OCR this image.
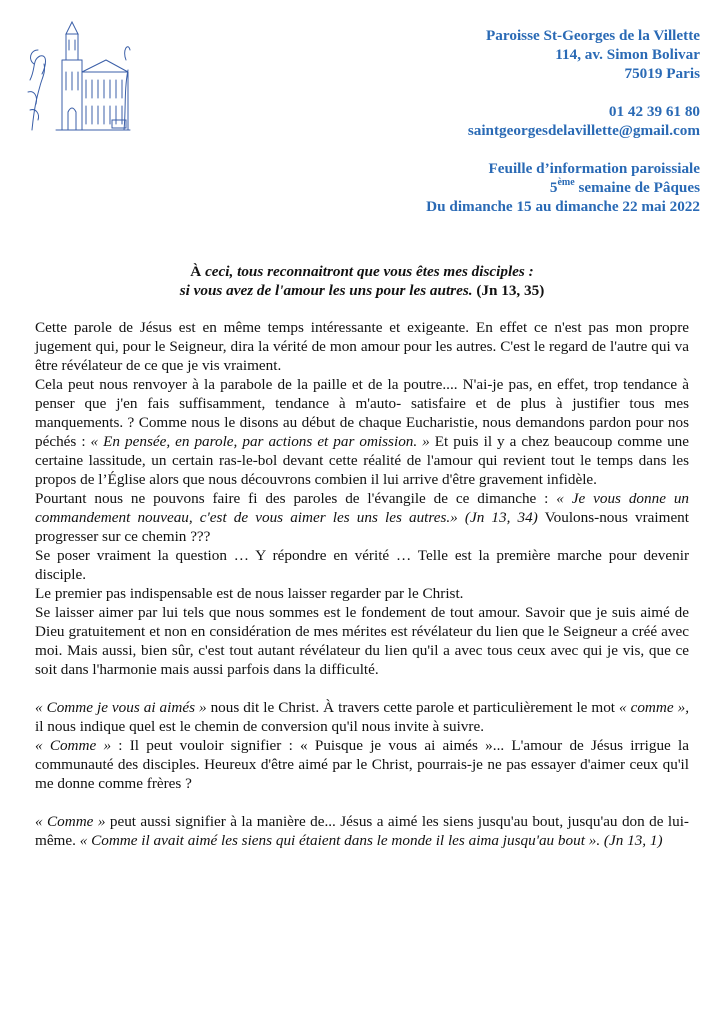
Paroisse St-Georges de la Villette
114, av. Simon Bolivar
75019 Paris
01 42 39 61 80
saintgeorgesdelavillette@gmail.com
Feuille d’information paroissiale
5ème semaine de Pâques
Du dimanche 15 au dimanche 22 mai 2022
À ceci, tous reconnaitront que vous êtes mes disciples :
si vous avez de l'amour les uns pour les autres. (Jn 13, 35)

Cette parole de Jésus est en même temps intéressante et exigeante. En effet ce n'est pas mon propre jugement qui, pour le Seigneur, dira la vérité de mon amour pour les autres. C'est le regard de l'autre qui va être révélateur de ce que je vis vraiment.

Cela peut nous renvoyer à la parabole de la paille et de la poutre.... N'ai-je pas, en effet, trop tendance à penser que j'en fais suffisamment, tendance à m'auto- satisfaire et de plus à justifier tous mes manquements. ? Comme nous le disons au début de chaque Eucharistie, nous demandons pardon pour nos péchés : « En pensée, en parole, par actions et par omission. » Et puis il y a chez beaucoup comme une certaine lassitude, un certain ras-le-bol devant cette réalité de l'amour qui revient tout le temps dans les propos de l’Église alors que nous découvrons combien il lui arrive d'être gravement infidèle.

Pourtant nous ne pouvons faire fi des paroles de l'évangile de ce dimanche : « Je vous donne un commandement nouveau, c'est de vous aimer les uns les autres.» (Jn 13, 34) Voulons-nous vraiment progresser sur ce chemin ???

Se poser vraiment la question … Y répondre en vérité … Telle est la première marche pour devenir disciple.

Le premier pas indispensable est de nous laisser regarder par le Christ.

Se laisser aimer par lui tels que nous sommes est le fondement de tout amour. Savoir que je suis aimé de Dieu gratuitement et non en considération de mes mérites est révélateur du lien que le Seigneur a créé avec moi. Mais aussi, bien sûr, c'est tout autant révélateur du lien qu'il a avec tous ceux avec qui je vis, que ce soit dans l'harmonie mais aussi parfois dans la difficulté.

« Comme je vous ai aimés » nous dit le Christ. À travers cette parole et particulièrement le mot « comme », il nous indique quel est le chemin de conversion qu'il nous invite à suivre.

« Comme » : Il peut vouloir signifier : « Puisque je vous ai aimés »... L'amour de Jésus irrigue la communauté des disciples. Heureux d'être aimé par le Christ, pourrais-je ne pas essayer d'aimer ceux qu'il me donne comme frères ?

« Comme » peut aussi signifier à la manière de... Jésus a aimé les siens jusqu'au bout, jusqu'au don de lui-même. « Comme il avait aimé les siens qui étaient dans le monde il les aima jusqu'au bout ». (Jn 13, 1)
